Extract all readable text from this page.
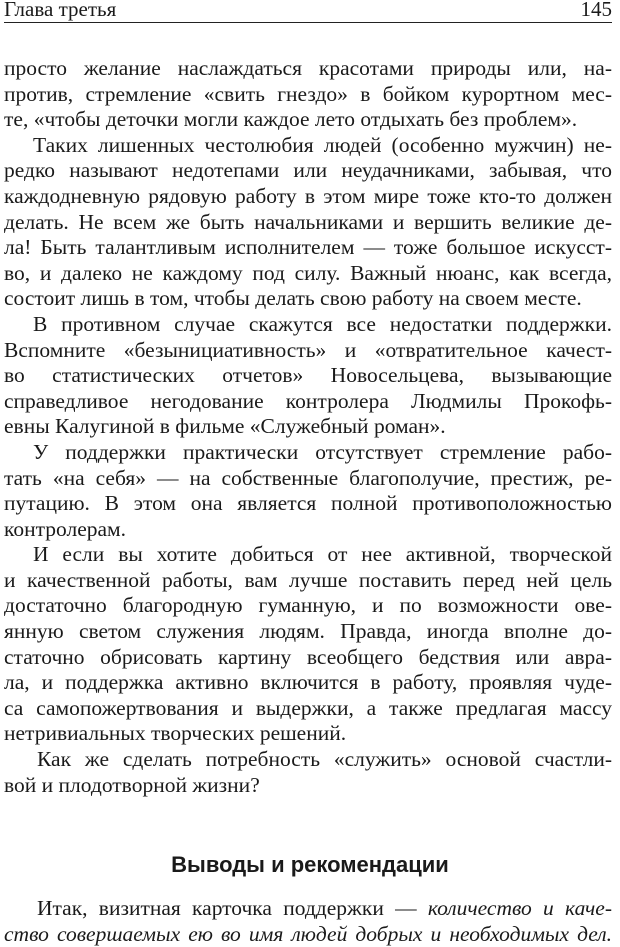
Глава третья	145

просто желание наслаждаться красотами природы или, на-
против, стремление «свить гнездо» в бойком курортном мес-
те, «чтобы деточки могли каждое лето отдыхать без проблем».

Таких лишенных честолюбия людей (особенно мужчин) не-
редко называют недотепами или неудачниками, забывая, что
каждодневную рядовую работу в этом мире тоже кто-то должен
делать. Не всем же быть начальниками и вершить великие де-
ла! Быть талантливым исполнителем — тоже большое искусст-
во, и далеко не каждому под силу. Важный нюанс, как всегда,
состоит лишь в том, чтобы делать свою работу на своем месте.

В противном случае скажутся все недостатки поддержки.
Вспомните «безынициативность» и «отвратительное качест-
во статистических отчетов» Новосельцева, вызывающие
справедливое негодование контролера Людмилы Прокофь-
евны Калугиной в фильме «Служебный роман».

У поддержки практически отсутствует стремление рабо-
тать «на себя» — на собственные благополучие, престиж, ре-
путацию. В этом она является полной противоположностью
контролерам.

И если вы хотите добиться от нее активной, творческой
и качественной работы, вам лучше поставить перед ней цель
достаточно благородную гуманную, и по возможности ове-
янную светом служения людям. Правда, иногда вполне до-
статочно обрисовать картину всеобщего бедствия или авра-
ла, и поддержка активно включится в работу, проявляя чуде-
са самопожертвования и выдержки, а также предлагая массу
нетривиальных творческих решений.

Как же сделать потребность «служить» основой счастли-
вой и плодотворной жизни?

Выводы и рекомендации
Итак, визитная карточка поддержки — количество и каче-
ство совершаемых ею во имя людей добрых и необходимых дел.
